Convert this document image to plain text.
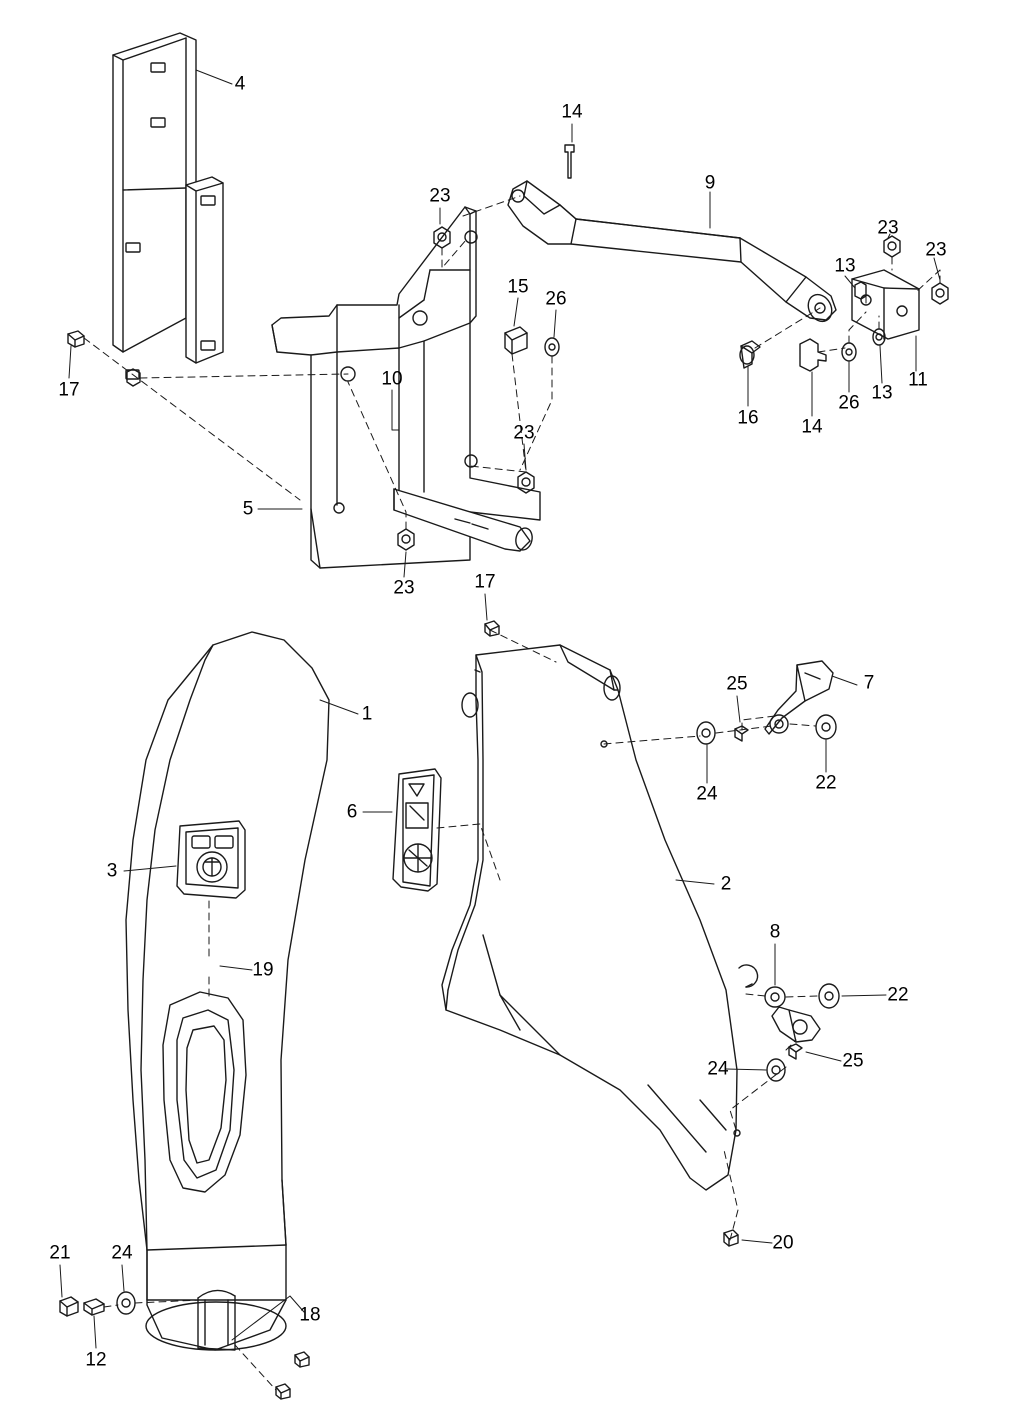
4
14
9
23
23
23
13
15
26
17
10	11
13
26
16 14
23
5
23	17
25	7
1
24
22
6
3
2
8
19
22
25
24
20
21 24
18
12
